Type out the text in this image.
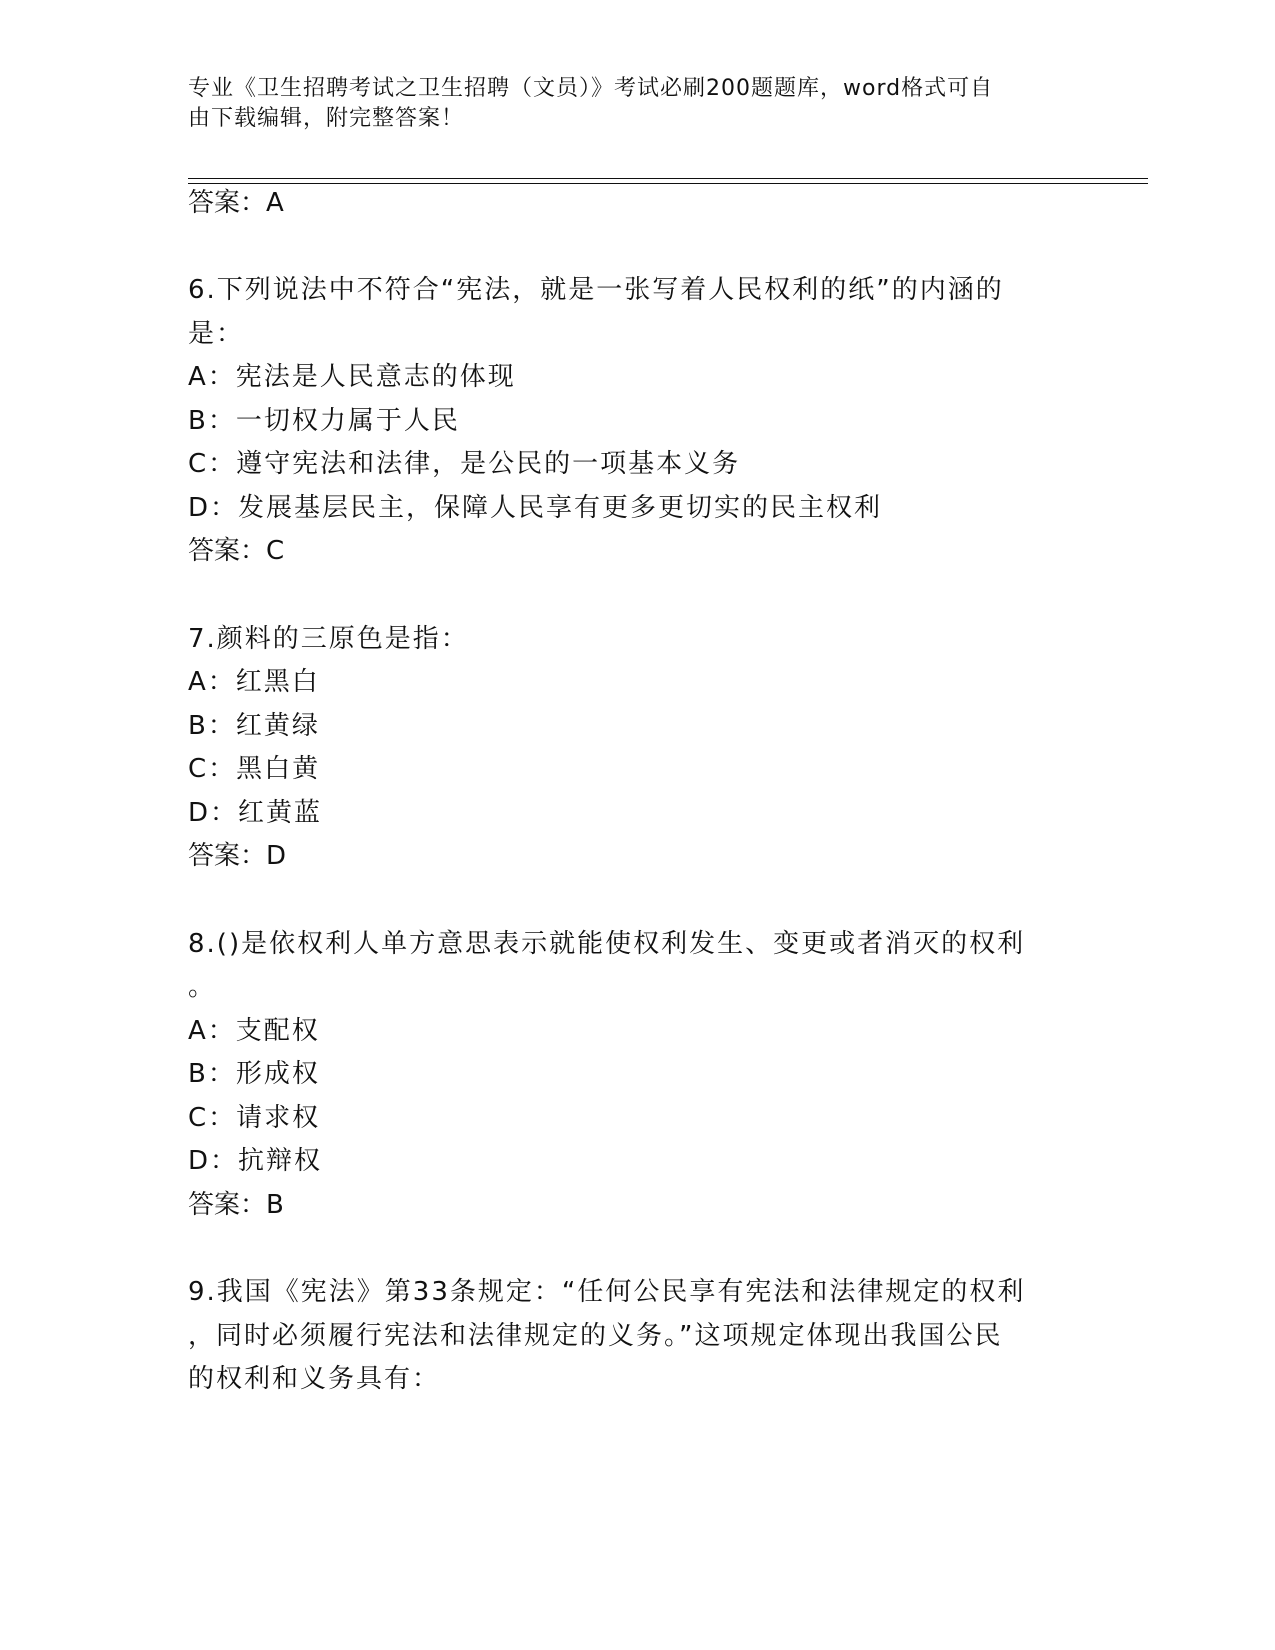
专业《卫生招聘考试之卫生招聘（文员）》考试必刷200题题库，word格式可自
由下载编辑，附完整答案！

答案：A

6.下列说法中不符合“宪法，就是一张写着人民权利的纸”的内涵的

是：

A：宪法是人民意志的体现

B：一切权力属于人民

C：遵守宪法和法律，是公民的一项基本义务

D：发展基层民主，保障人民享有更多更切实的民主权利

答案：C

7.颜料的三原色是指：

A：红黑白

B：红黄绿

C：黑白黄

D：红黄蓝

答案：D

8.()是依权利人单方意思表示就能使权利发生、变更或者消灭的权利

。

A：支配权

B：形成权

C：请求权

D：抗辩权

答案：B

9.我国《宪法》第33条规定：“任何公民享有宪法和法律规定的权利

，同时必须履行宪法和法律规定的义务。”这项规定体现出我国公民

的权利和义务具有：
